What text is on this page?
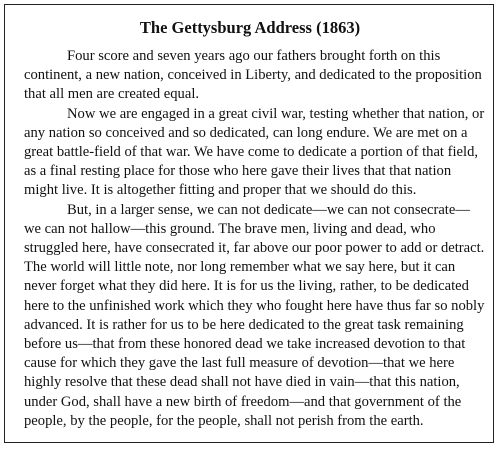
The Gettysburg Address (1863)

Four score and seven years ago our fathers brought forth on this continent, a new nation, conceived in Liberty, and dedicated to the proposition that all men are created equal.

Now we are engaged in a great civil war, testing whether that nation, or any nation so conceived and so dedicated, can long endure. We are met on a great battle-field of that war. We have come to dedicate a portion of that field, as a final resting place for those who here gave their lives that that nation might live. It is altogether fitting and proper that we should do this.

But, in a larger sense, we can not dedicate—we can not consecrate—we can not hallow—this ground. The brave men, living and dead, who struggled here, have consecrated it, far above our poor power to add or detract. The world will little note, nor long remember what we say here, but it can never forget what they did here. It is for us the living, rather, to be dedicated here to the unfinished work which they who fought here have thus far so nobly advanced. It is rather for us to be here dedicated to the great task remaining before us—that from these honored dead we take increased devotion to that cause for which they gave the last full measure of devotion—that we here highly resolve that these dead shall not have died in vain—that this nation, under God, shall have a new birth of freedom—and that government of the people, by the people, for the people, shall not perish from the earth.
